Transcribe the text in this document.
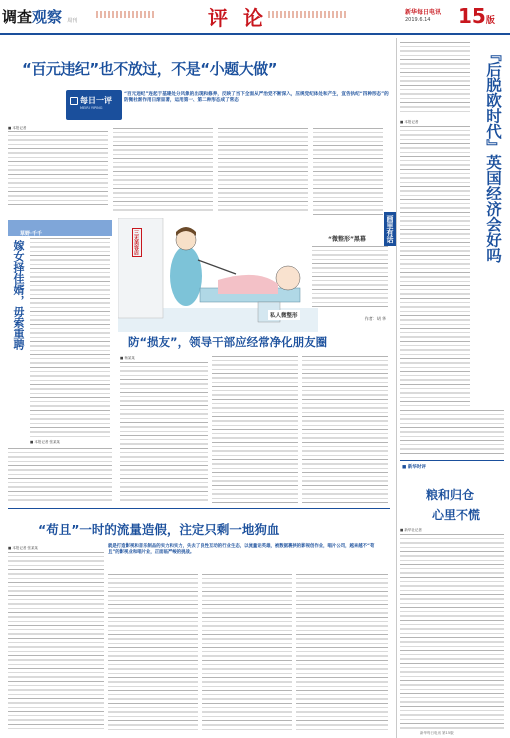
调查观察 周刊	评 论	新华每日电讯
2019.6.14 15版
“百元违纪”也不放过，不是“小题大做”
每日一评
MEIRI YIPING
“百元违纪”连起于基建处分风象的出现和修养，反映了当下全面从严治党不断深入，压规党纪体处和产生，宣告执纪“四种形态”的防微杜渐作用日渐显著，运用第一、第二种形态成了常态
■ 本报记者
草野·千千
嫁女择佳婿，毋索重聘
■ 本报记者 张某某
作者：胡 华
三无美容店
私人微整形
“微整形”黑幕	画里有话
防“损友”，领导干部应经常净化朋友圈
■ 杨某某
“苟且”一时的流量造假，注定只剩一地狗血
就是打造影视和音乐制品的实力和实力，失去了良性互动的行业生态，以流量论英雄，被数据裹挟的影视创作业，唱片公司，越来越不“苟且”的影视业和唱片业，正面临严峻的挑战。
■ 本报记者 张某某
『后脱欧时代』英国经济会好吗
■ 本报记者
■ 新华时评
粮和归仓
心里不慌
■ 新华社记者
新华每日电讯 第15版
